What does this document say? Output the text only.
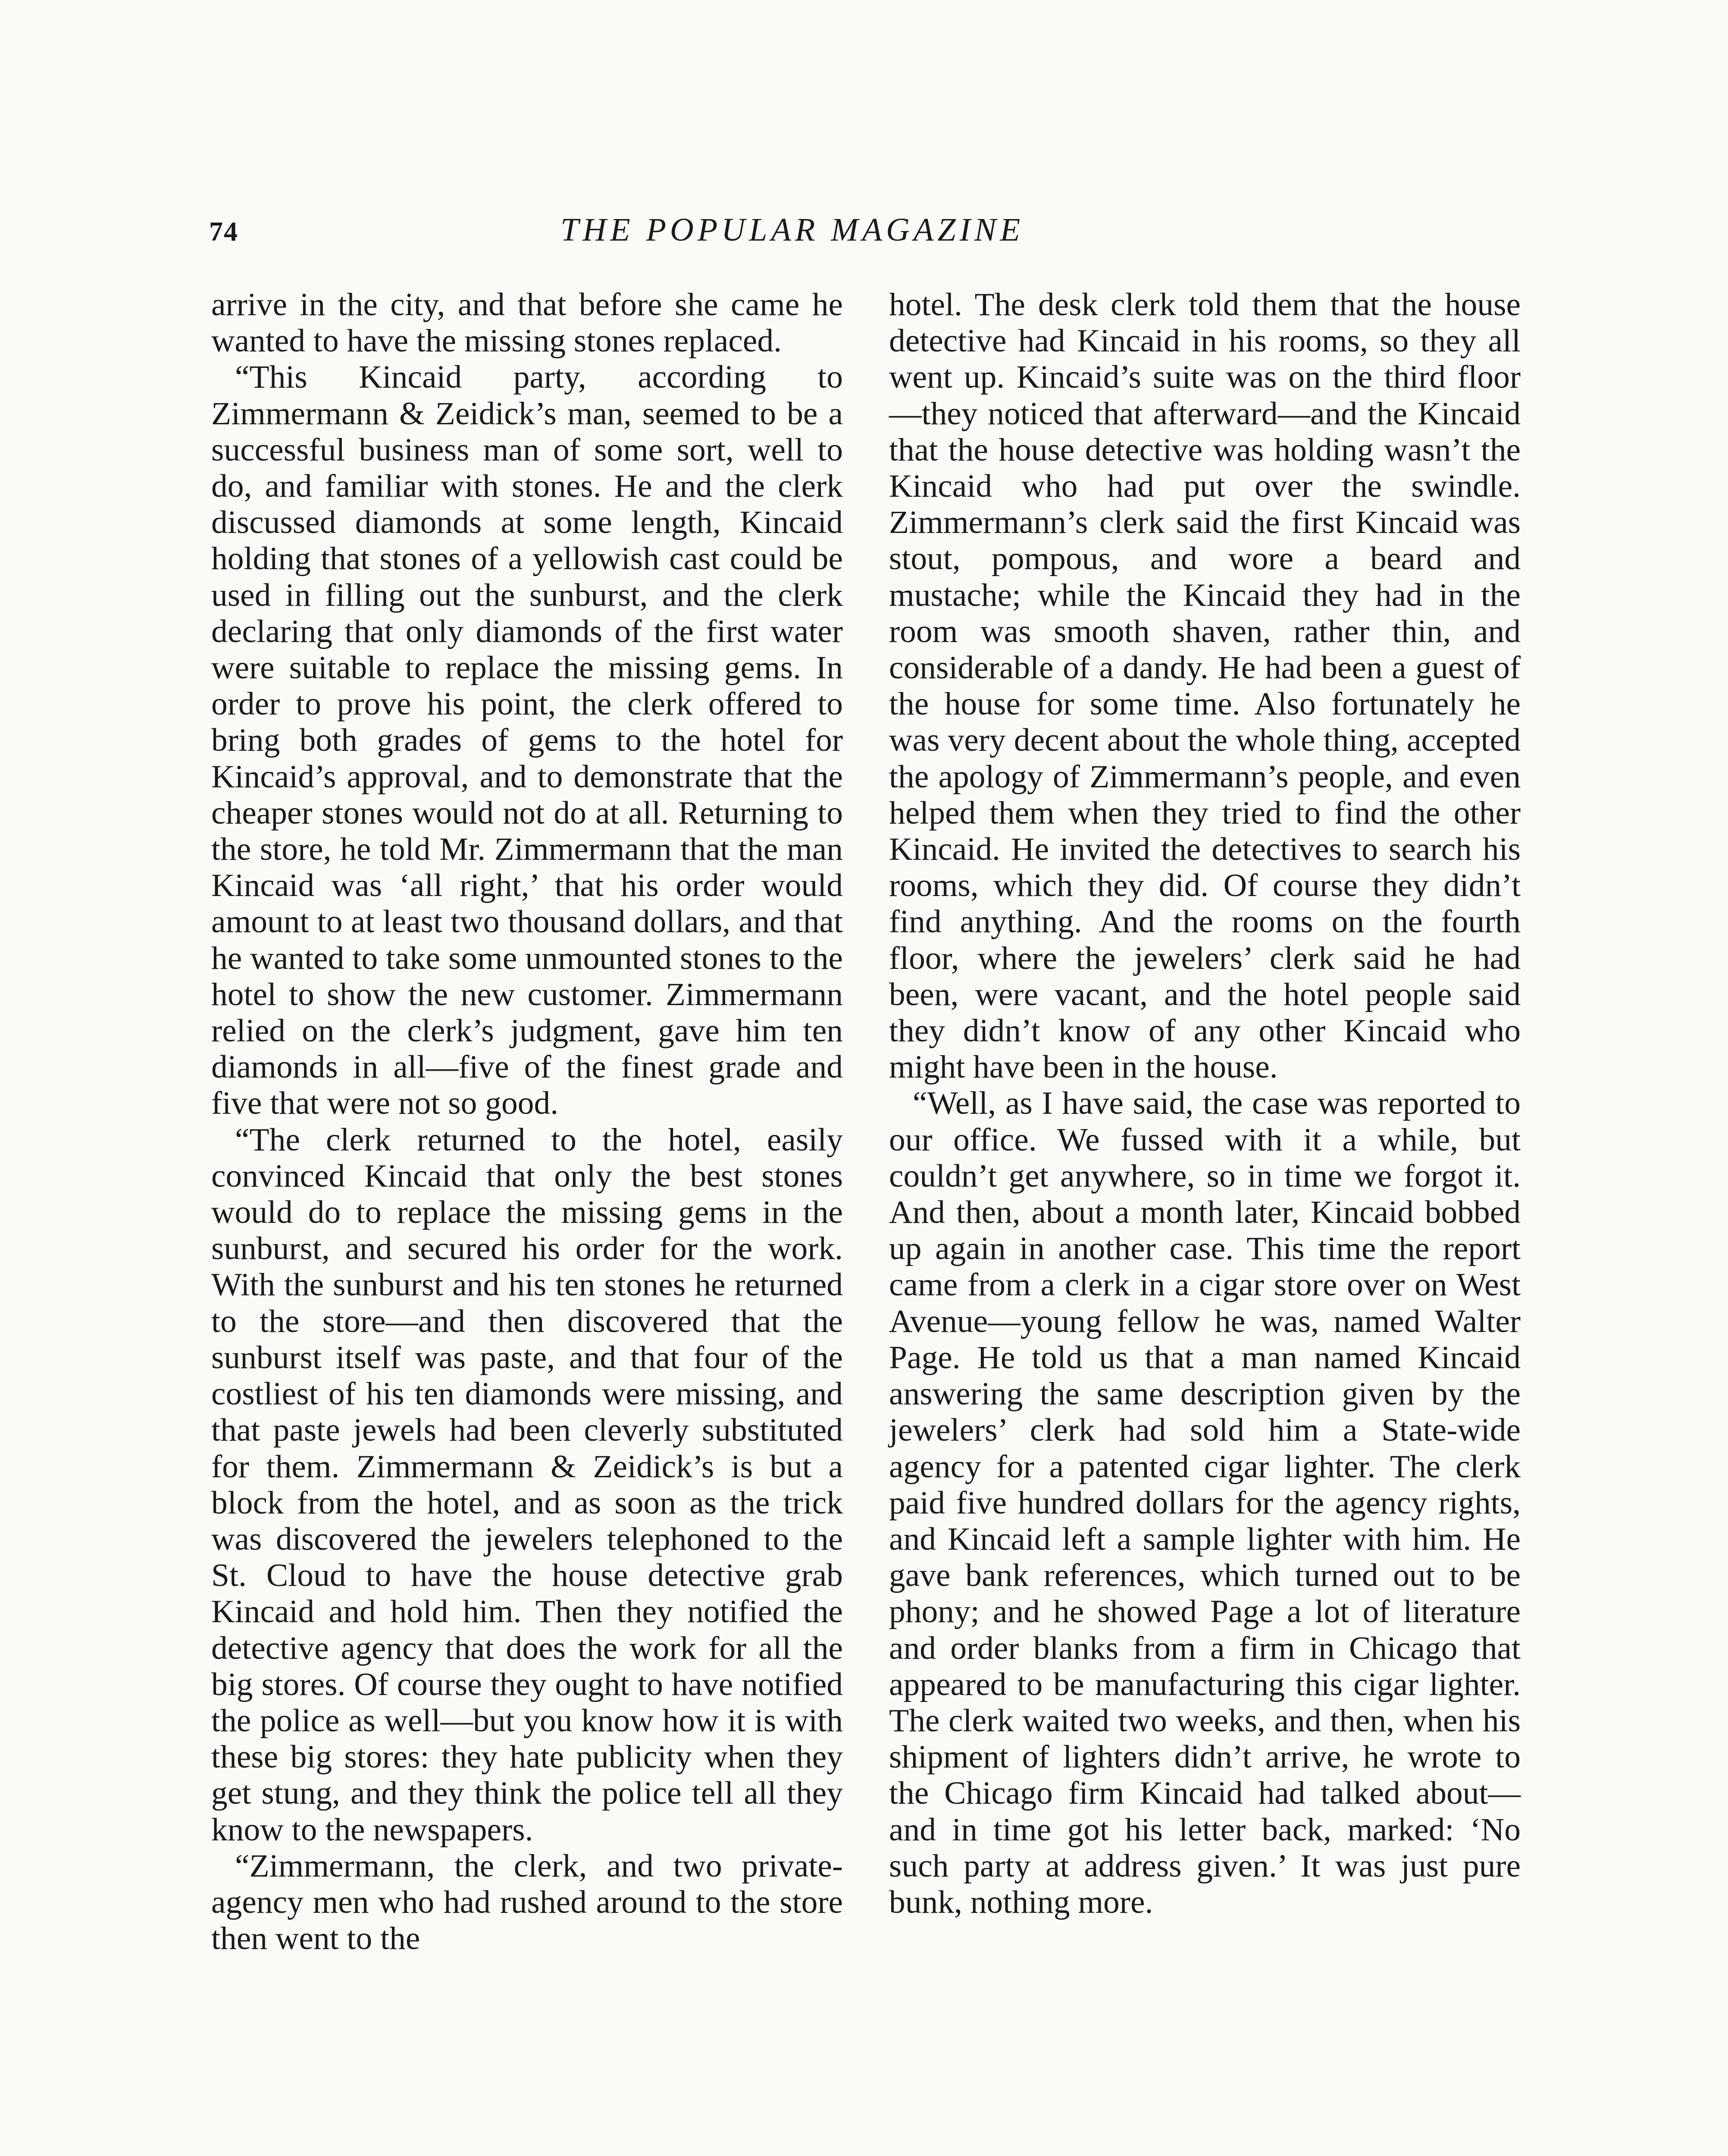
74	THE POPULAR MAGAZINE

arrive in the city, and that before she came he wanted to have the missing stones replaced.

“This Kincaid party, according to Zimmermann & Zeidick’s man, seemed to be a successful business man of some sort, well to do, and familiar with stones. He and the clerk discussed diamonds at some length, Kincaid holding that stones of a yellowish cast could be used in filling out the sunburst, and the clerk declaring that only diamonds of the first water were suitable to replace the missing gems. In order to prove his point, the clerk offered to bring both grades of gems to the hotel for Kincaid’s approval, and to demonstrate that the cheaper stones would not do at all. Returning to the store, he told Mr. Zimmermann that the man Kincaid was ‘all right,’ that his order would amount to at least two thousand dollars, and that he wanted to take some unmounted stones to the hotel to show the new customer. Zimmermann relied on the clerk’s judgment, gave him ten diamonds in all—five of the finest grade and five that were not so good.

“The clerk returned to the hotel, easily convinced Kincaid that only the best stones would do to replace the missing gems in the sunburst, and secured his order for the work. With the sunburst and his ten stones he returned to the store—and then discovered that the sunburst itself was paste, and that four of the costliest of his ten diamonds were missing, and that paste jewels had been cleverly substituted for them. Zimmermann & Zeidick’s is but a block from the hotel, and as soon as the trick was discovered the jewelers telephoned to the St. Cloud to have the house detective grab Kincaid and hold him. Then they notified the detective agency that does the work for all the big stores. Of course they ought to have notified the police as well—but you know how it is with these big stores: they hate publicity when they get stung, and they think the police tell all they know to the newspapers.

“Zimmermann, the clerk, and two private-agency men who had rushed around to the store then went to the

hotel. The desk clerk told them that the house detective had Kincaid in his rooms, so they all went up. Kincaid’s suite was on the third floor—they noticed that afterward—and the Kincaid that the house detective was holding wasn’t the Kincaid who had put over the swindle. Zimmermann’s clerk said the first Kincaid was stout, pompous, and wore a beard and mustache; while the Kincaid they had in the room was smooth shaven, rather thin, and considerable of a dandy. He had been a guest of the house for some time. Also fortunately he was very decent about the whole thing, accepted the apology of Zimmermann’s people, and even helped them when they tried to find the other Kincaid. He invited the detectives to search his rooms, which they did. Of course they didn’t find anything. And the rooms on the fourth floor, where the jewelers’ clerk said he had been, were vacant, and the hotel people said they didn’t know of any other Kincaid who might have been in the house.

“Well, as I have said, the case was reported to our office. We fussed with it a while, but couldn’t get anywhere, so in time we forgot it. And then, about a month later, Kincaid bobbed up again in another case. This time the report came from a clerk in a cigar store over on West Avenue—young fellow he was, named Walter Page. He told us that a man named Kincaid answering the same description given by the jewelers’ clerk had sold him a State-wide agency for a patented cigar lighter. The clerk paid five hundred dollars for the agency rights, and Kincaid left a sample lighter with him. He gave bank references, which turned out to be phony; and he showed Page a lot of literature and order blanks from a firm in Chicago that appeared to be manufacturing this cigar lighter. The clerk waited two weeks, and then, when his shipment of lighters didn’t arrive, he wrote to the Chicago firm Kincaid had talked about—and in time got his letter back, marked: ‘No such party at address given.’ It was just pure bunk, nothing more.
